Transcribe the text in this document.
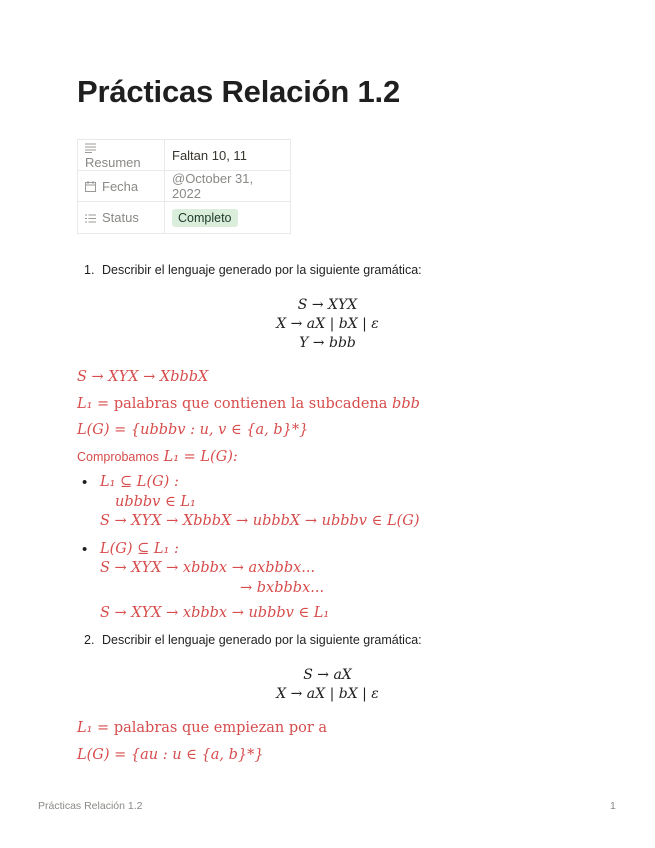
Prácticas Relación 1.2
Resumen	Faltan 10, 11
Fecha	@October 31, 2022
Status	Completo
1. Describir el lenguaje generado por la siguiente gramática:
S → XYX
X → aX | bX | ε
Y → bbb
S → XYX → XbbbX
L₁ = palabras que contienen la subcadena bbb
L(G) = {ubbbv : u, v ∈ {a, b}*}
Comprobamos L₁ = L(G):
• L₁ ⊆ L(G) :
ubbbv ∈ L₁
S → XYX → XbbbX → ubbbX → ubbbv ∈ L(G)
• L(G) ⊆ L₁ :
S → XYX → xbbbx → axbbbx...
→ bxbbbx...
S → XYX → xbbbx → ubbbv ∈ L₁
2. Describir el lenguaje generado por la siguiente gramática:
S → aX
X → aX | bX | ε
L₁ = palabras que empiezan por a
L(G) = {au : u ∈ {a, b}*}
Prácticas Relación 1.2	1
